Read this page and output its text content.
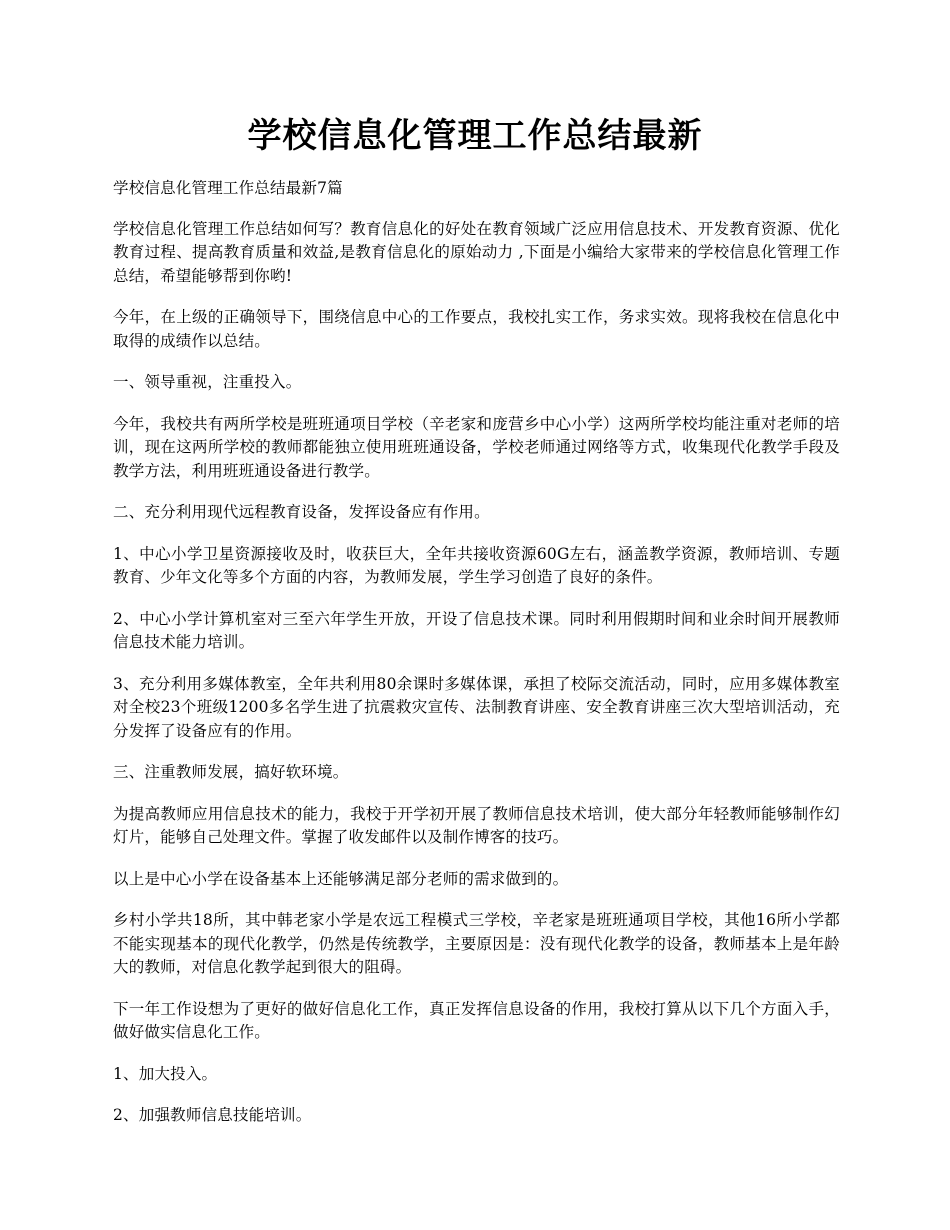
学校信息化管理工作总结最新

学校信息化管理工作总结最新7篇

学校信息化管理工作总结如何写？教育信息化的好处在教育领域广泛应用信息技术、开发教育资源、优化教育过程、提高教育质量和效益,是教育信息化的原始动力 ,下面是小编给大家带来的学校信息化管理工作总结，希望能够帮到你哟!

今年，在上级的正确领导下，围绕信息中心的工作要点，我校扎实工作，务求实效。现将我校在信息化中取得的成绩作以总结。

一、领导重视，注重投入。

今年，我校共有两所学校是班班通项目学校（辛老家和庞营乡中心小学）这两所学校均能注重对老师的培训，现在这两所学校的教师都能独立使用班班通设备，学校老师通过网络等方式，收集现代化教学手段及教学方法，利用班班通设备进行教学。

二、充分利用现代远程教育设备，发挥设备应有作用。

1、中心小学卫星资源接收及时，收获巨大，全年共接收资源60G左右，涵盖教学资源，教师培训、专题教育、少年文化等多个方面的内容，为教师发展，学生学习创造了良好的条件。

2、中心小学计算机室对三至六年学生开放，开设了信息技术课。同时利用假期时间和业余时间开展教师信息技术能力培训。

3、充分利用多媒体教室，全年共利用80余课时多媒体课，承担了校际交流活动，同时，应用多媒体教室对全校23个班级1200多名学生进了抗震救灾宣传、法制教育讲座、安全教育讲座三次大型培训活动，充分发挥了设备应有的作用。

三、注重教师发展，搞好软环境。

为提高教师应用信息技术的能力，我校于开学初开展了教师信息技术培训，使大部分年轻教师能够制作幻灯片，能够自己处理文件。掌握了收发邮件以及制作博客的技巧。

以上是中心小学在设备基本上还能够满足部分老师的需求做到的。

乡村小学共18所，其中韩老家小学是农远工程模式三学校，辛老家是班班通项目学校，其他16所小学都不能实现基本的现代化教学，仍然是传统教学，主要原因是：没有现代化教学的设备，教师基本上是年龄大的教师，对信息化教学起到很大的阻碍。

下一年工作设想为了更好的做好信息化工作，真正发挥信息设备的作用，我校打算从以下几个方面入手，做好做实信息化工作。

1、加大投入。

2、加强教师信息技能培训。
